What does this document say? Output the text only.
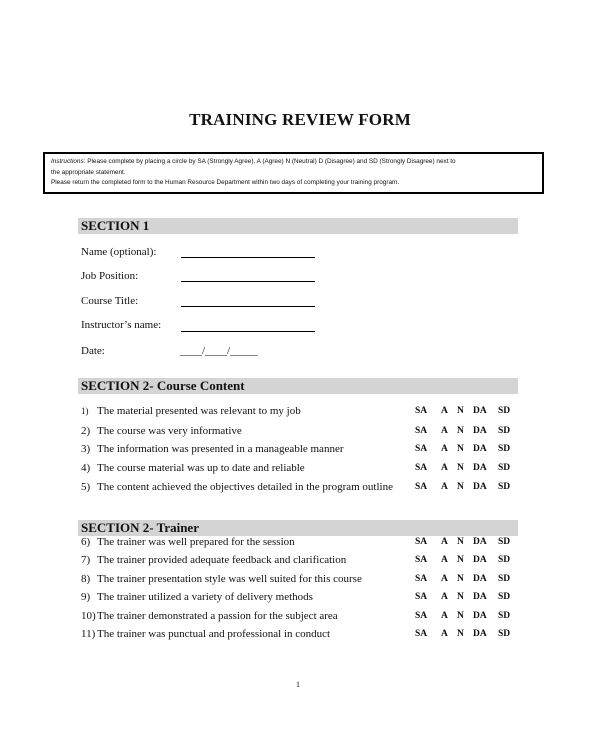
TRAINING REVIEW FORM
Instructions: Please complete by placing a circle by SA (Strongly Agree), A (Agree) N (Neutral) D (Disagree) and SD (Strongly Disagree) next to
the appropriate statement.
Please return the completed form to the Human Resource Department within two days of completing your training program.
SECTION 1
Name (optional):
Job Position:
Course Title:
Instructor’s name:
Date:	____/____/_____
SECTION 2- Course Content
1) The material presented was relevant to my job	SA A N DA SD
2) The course was very informative	SA A N DA SD
3) The information was presented in a manageable manner	SA A N DA SD
4) The course material was up to date and reliable	SA A N DA SD
5) The content achieved the objectives detailed in the program outline SA A N DA SD
SECTION 2- Trainer
6) The trainer was well prepared for the session	SA A N DA SD
7) The trainer provided adequate feedback and clarification	SA A N DA SD
8) The trainer presentation style was well suited for this course	SA A N DA SD
9) The trainer utilized a variety of delivery methods	SA A N DA SD
10) The trainer demonstrated a passion for the subject area	SA A N DA SD
11) The trainer was punctual and professional in conduct	SA A N DA SD
1
